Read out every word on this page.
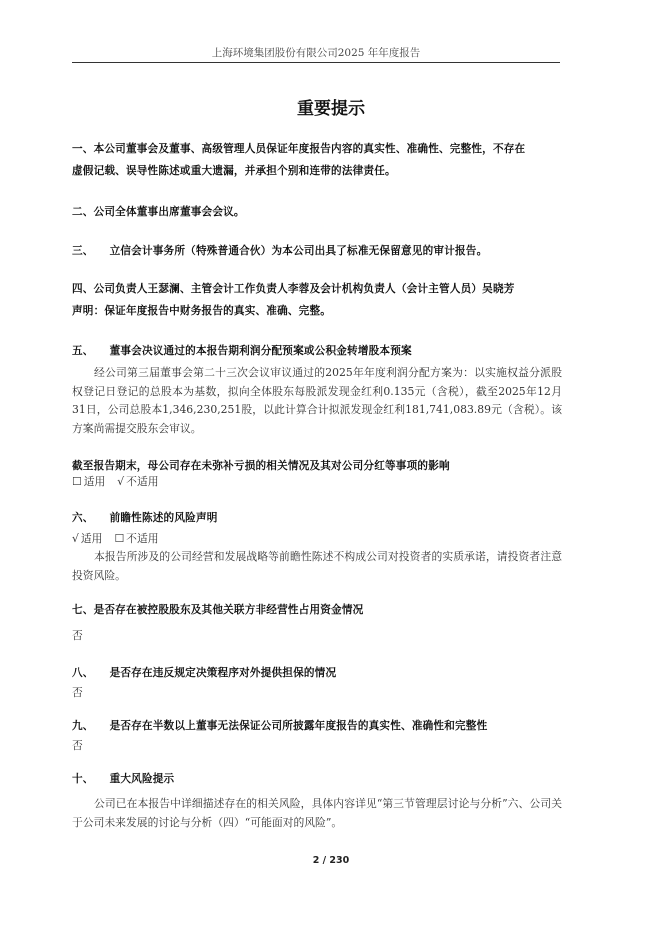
上海环境集团股份有限公司2025 年年度报告
重要提示
一、本公司董事会及董事、高级管理人员保证年度报告内容的真实性、准确性、完整性，不存在
虚假记载、误导性陈述或重大遗漏，并承担个别和连带的法律责任。
二、公司全体董事出席董事会会议。
三、 立信会计事务所（特殊普通合伙）为本公司出具了标准无保留意见的审计报告。
四、公司负责人王瑟澜、主管会计工作负责人李蓉及会计机构负责人（会计主管人员）吴晓芳
声明：保证年度报告中财务报告的真实、准确、完整。
五、 董事会决议通过的本报告期利润分配预案或公积金转增股本预案
经公司第三届董事会第二十三次会议审议通过的2025年年度利润分配方案为：以实施权益分派股权登记日登记的总股本为基数，拟向全体股东每股派发现金红利0.135元（含税），截至2025年12月31日，公司总股本1,346,230,251股，以此计算合计拟派发现金红利181,741,083.89元（含税）。该方案尚需提交股东会审议。
截至报告期末，母公司存在未弥补亏损的相关情况及其对公司分红等事项的影响
☐ 适用 √ 不适用
六、 前瞻性陈述的风险声明
√ 适用 ☐ 不适用
本报告所涉及的公司经营和发展战略等前瞻性陈述不构成公司对投资者的实质承诺，请投资者注意投资风险。
七、是否存在被控股股东及其他关联方非经营性占用资金情况
否
八、 是否存在违反规定决策程序对外提供担保的情况
否
九、 是否存在半数以上董事无法保证公司所披露年度报告的真实性、准确性和完整性
否
十、 重大风险提示
公司已在本报告中详细描述存在的相关风险，具体内容详见“第三节管理层讨论与分析”六、公司关于公司未来发展的讨论与分析（四）“可能面对的风险”。
2 / 230
